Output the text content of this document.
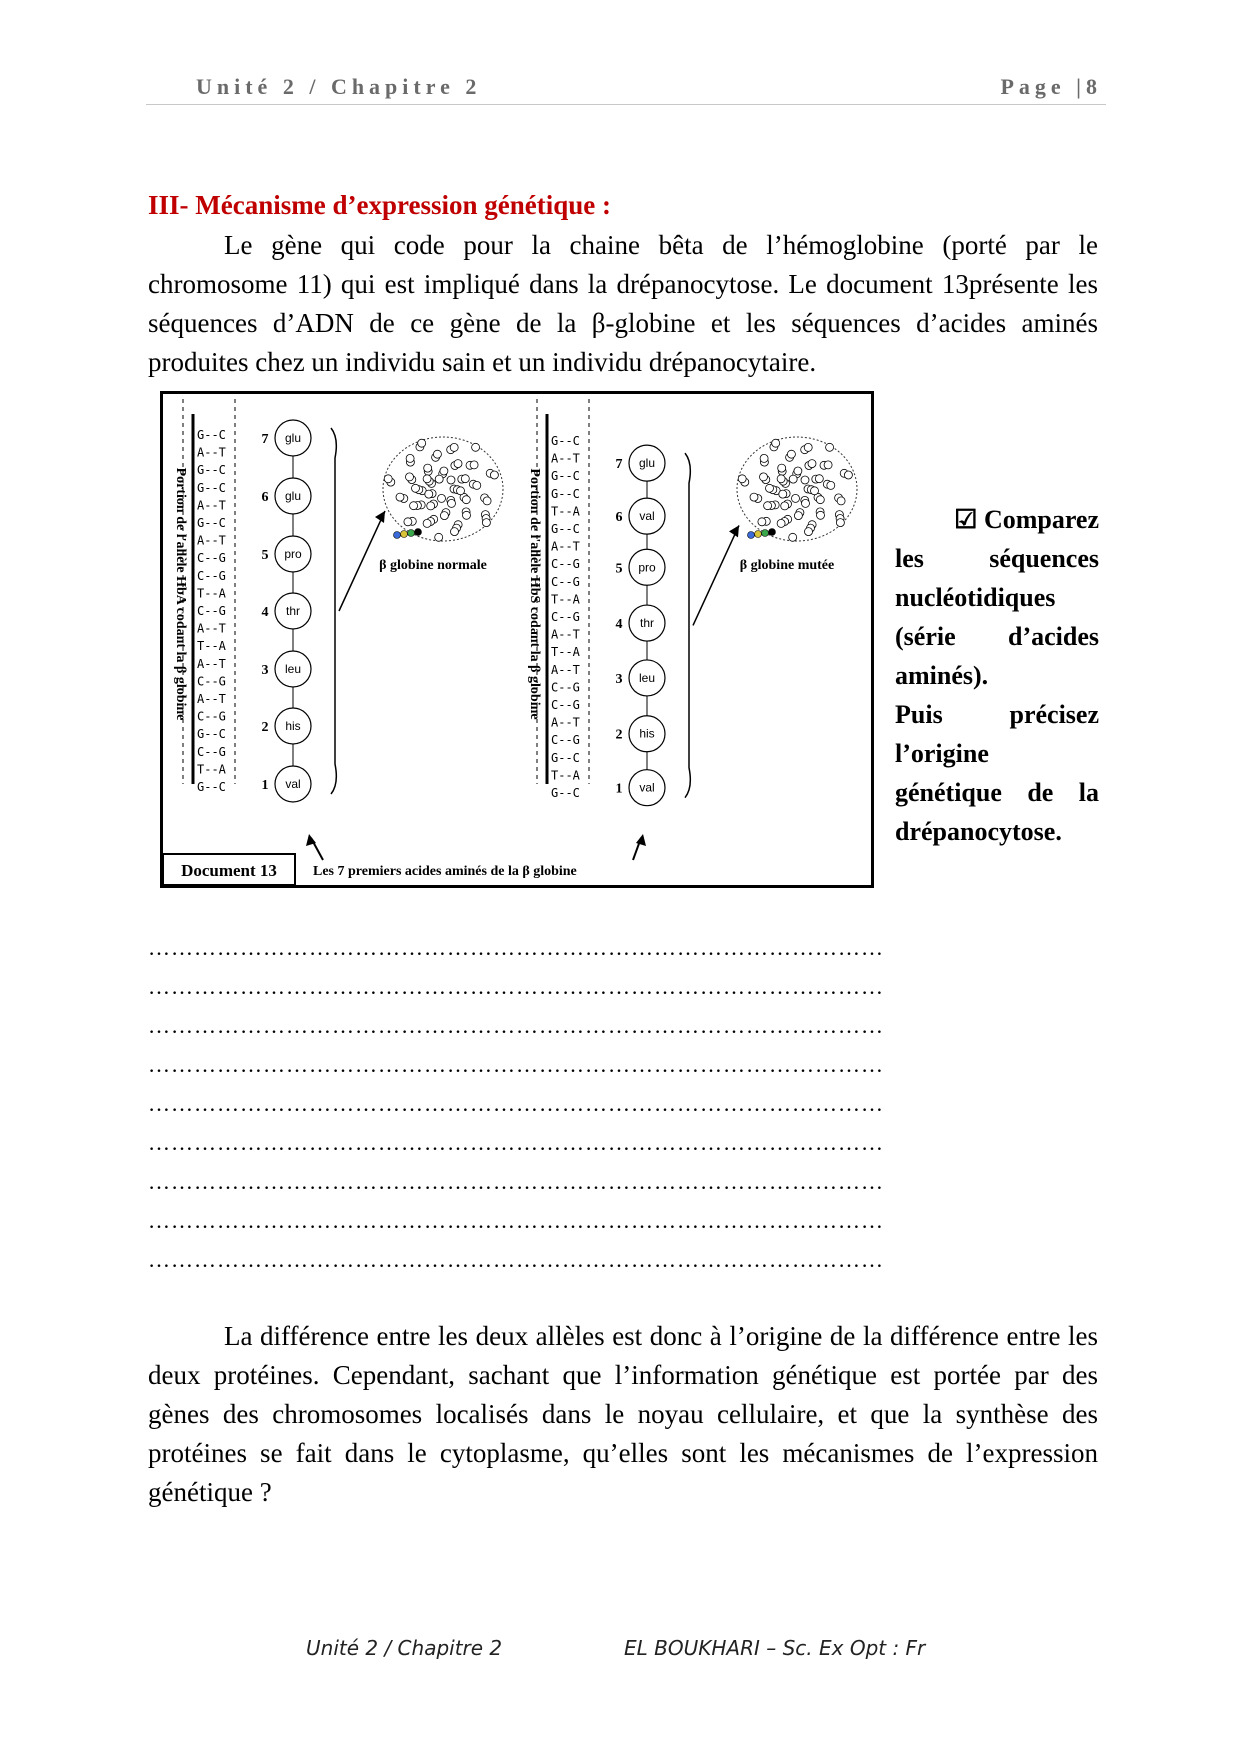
Unité 2 / Chapitre 2	Page |8
III- Mécanisme d’expression génétique :

Le gène qui code pour la chaine bêta de l’hémoglobine (porté par le chromosome 11) qui est impliqué dans la drépanocytose. Le document 13présente les séquences d’ADN de ce gène de la β-globine et les séquences d’acides aminés produites chez un individu sain et un individu drépanocytaire.

Portion de l'allèle HbA codant la β globine
G--C
A--T
G--C
G--C
A--T
G--C
A--T
C--G
C--G
T--A
C--G
A--T
T--A
A--T
C--G
A--T
C--G
G--C
C--G
T--A
G--C
glu
7
glu
6
pro
5
thr
4
leu
3
his
2
val
1
β globine normale	Portion de l'allèle HbS codant la β globine
G--C
A--T
G--C
G--C
T--A
G--C
A--T
C--G
C--G
T--A
C--G
A--T
T--A
A--T
C--G
C--G
A--T
C--G
G--C
T--A
G--C
glu
7
val
6
pro
5
thr
4
leu
3
his
2
val
1
β globine mutée
Document 13	Les 7 premiers acides aminés de la β globine
☑ Comparez
les	séquences
nucléotidiques
(série d’acides
aminés).
Puis	précisez
l’origine
génétique de la
drépanocytose.
……………………………………………………………………………………
……………………………………………………………………………………
……………………………………………………………………………………
……………………………………………………………………………………
……………………………………………………………………………………
……………………………………………………………………………………
……………………………………………………………………………………
……………………………………………………………………………………
……………………………………………………………………………………

La différence entre les deux allèles est donc à l’origine de la différence entre les deux protéines. Cependant, sachant que l’information génétique est portée par des gènes des chromosomes localisés dans le noyau cellulaire, et que la synthèse des protéines se fait dans le cytoplasme, qu’elles sont les mécanismes de l’expression génétique ?

Unité 2 / Chapitre 2	EL BOUKHARI – Sc. Ex Opt : Fr
